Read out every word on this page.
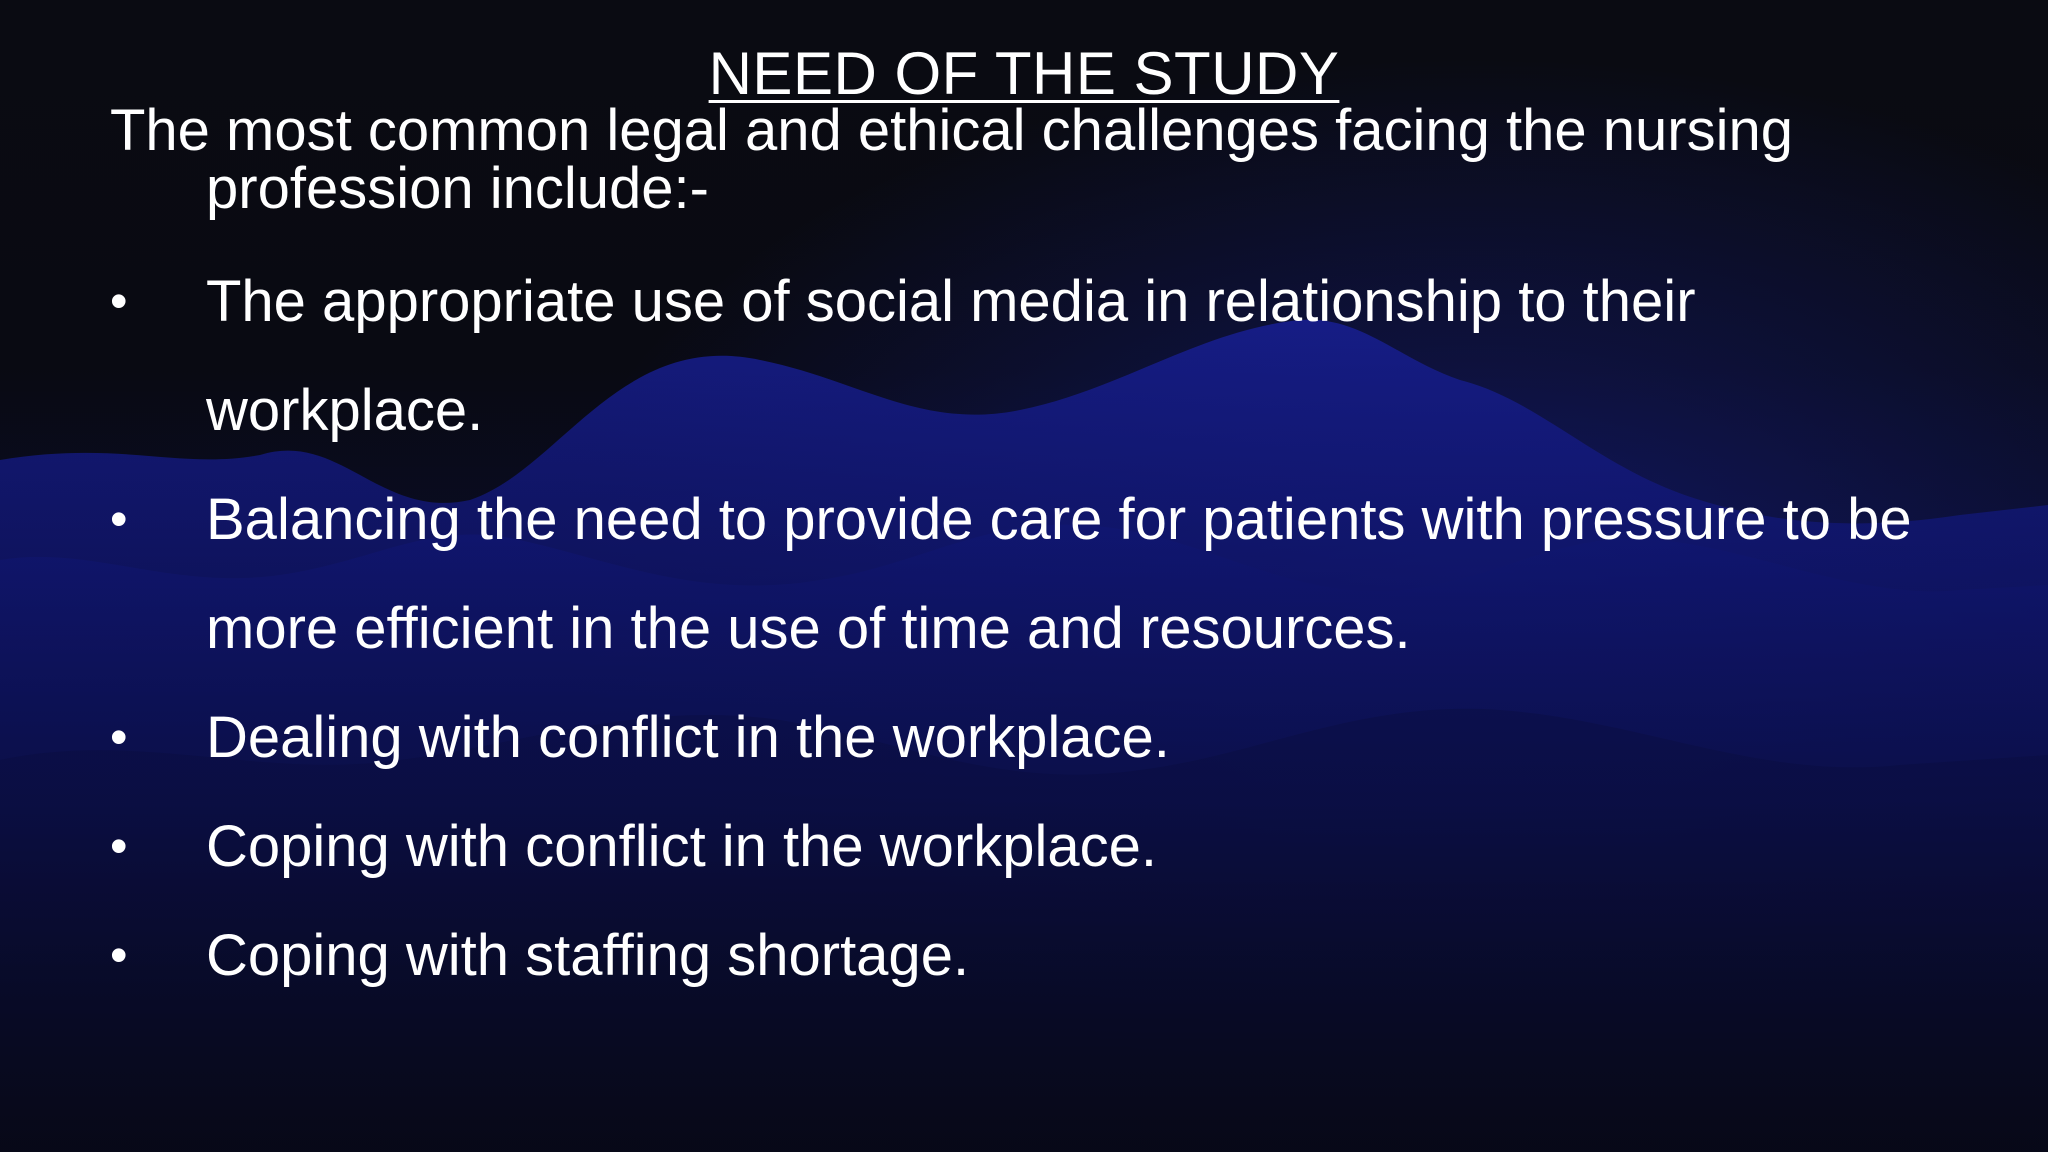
NEED OF THE STUDY
The most common legal and ethical challenges facing the nursing profession include:-
• The appropriate use of social media in relationship to their workplace.
• Balancing the need to provide care for patients with pressure to be more efficient in the use of time and resources.
• Dealing with conflict in the workplace.
• Coping with conflict in the workplace.
• Coping with staffing shortage.
